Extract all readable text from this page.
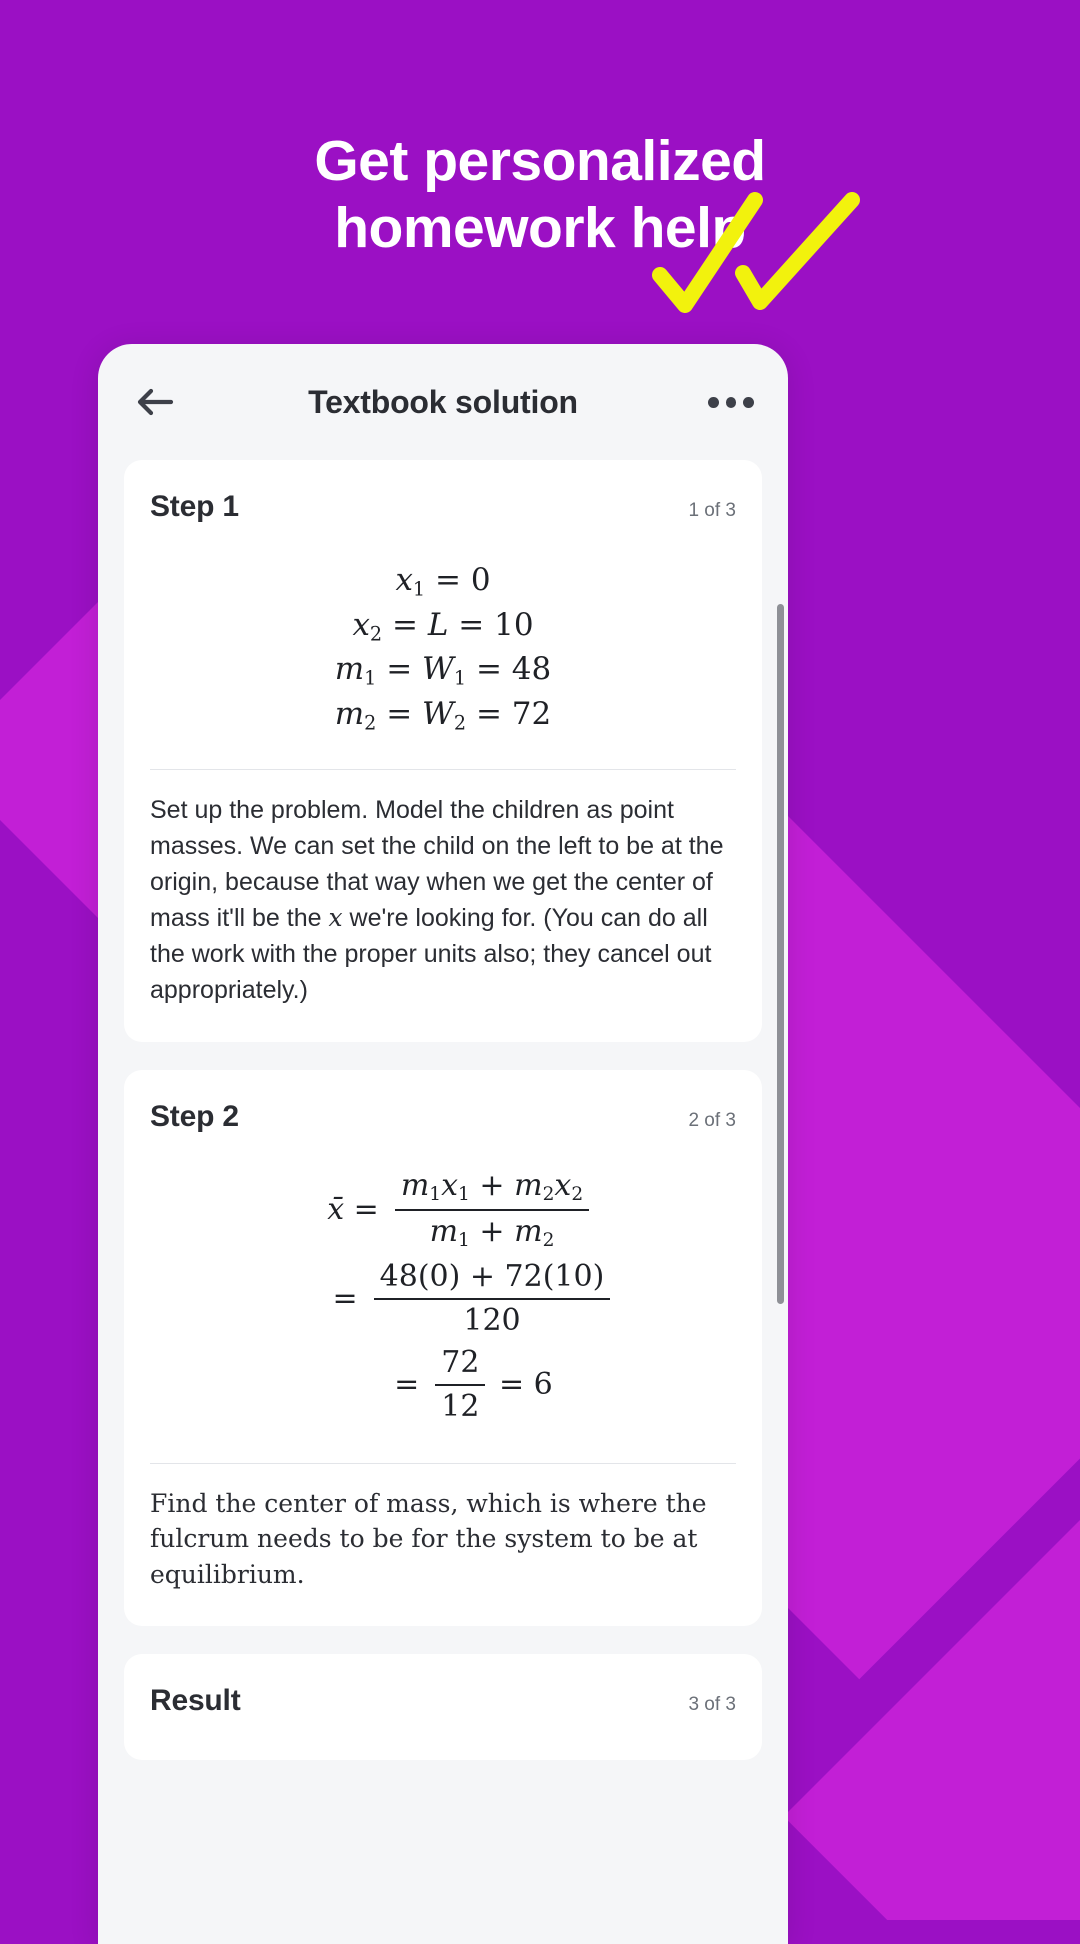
Get personalized
homework help
Textbook solution
Step 1	1 of 3
$x_1 = 0$
$x_2 = L = 10$
$m_1 = W_1 = 48$
$m_2 = W_2 = 72$
Set up the problem. Model the children as point masses. We can set the child on the left to be at the origin, because that way when we get the center of mass it'll be the x we're looking for. (You can do all the work with the proper units also; they cancel out appropriately.)
Step 2	2 of 3
x̄ = $\frac{m_1x_1 + m_2x_2}{m_1 + m_2}$
= $\frac{48(0) + 72(10)}{120}$
= $\frac{72}{12} = 6$
Find the center of mass, which is where the fulcrum needs to be for the system to be at equilibrium.
Result	3 of 3
